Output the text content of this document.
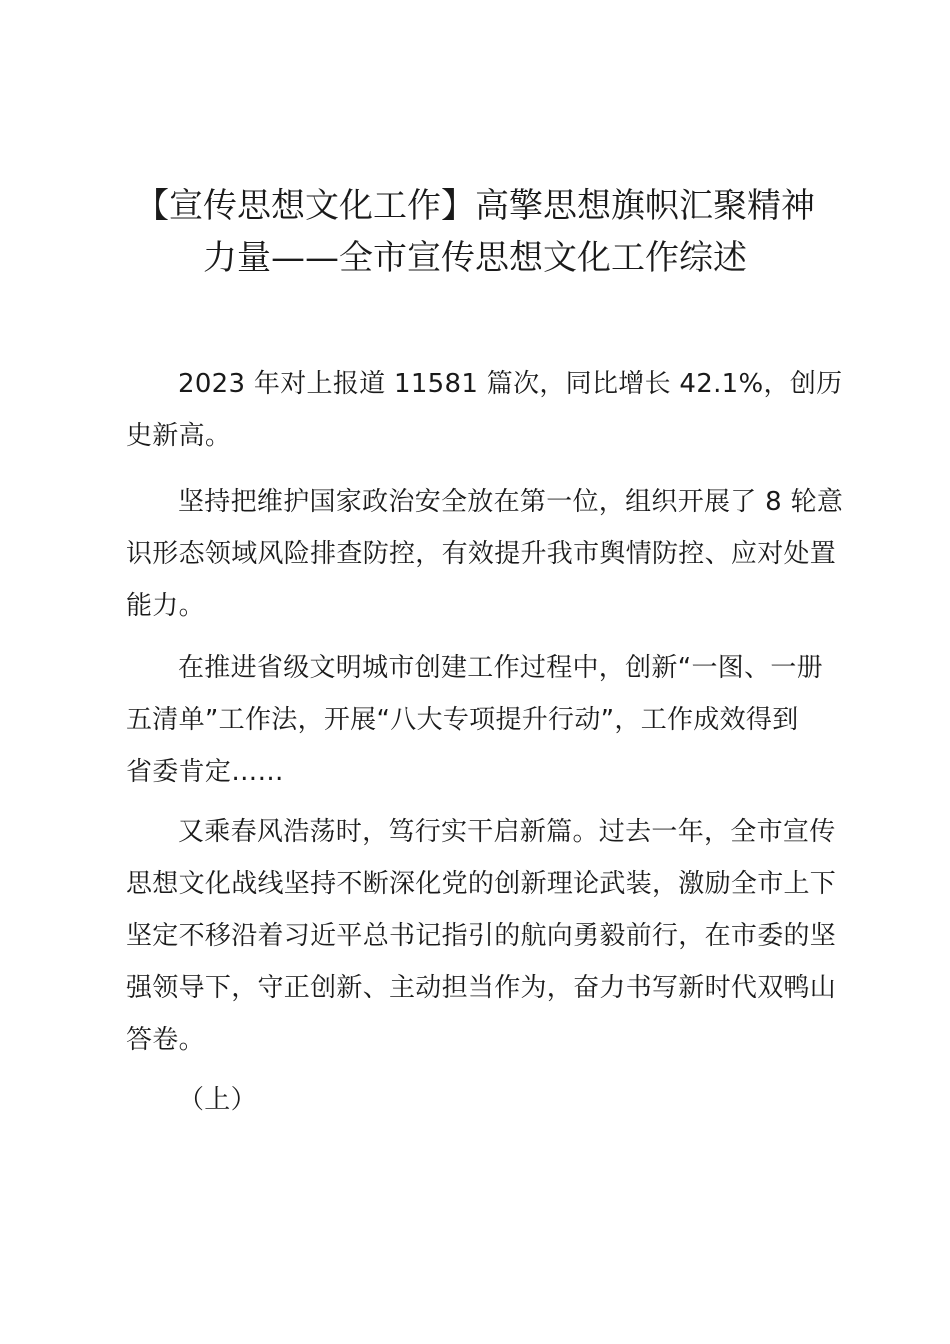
【宣传思想文化工作】高擎思想旗帜汇聚精神
力量——全市宣传思想文化工作综述

2023 年对上报道 11581 篇次，同比增长 42.1%，创历
史新高。

坚持把维护国家政治安全放在第一位，组织开展了 8 轮意
识形态领域风险排查防控，有效提升我市舆情防控、应对处置
能力。

在推进省级文明城市创建工作过程中，创新“一图、一册
五清单”工作法，开展“八大专项提升行动”，工作成效得到
省委肯定……

又乘春风浩荡时，笃行实干启新篇。过去一年，全市宣传
思想文化战线坚持不断深化党的创新理论武装，激励全市上下
坚定不移沿着习近平总书记指引的航向勇毅前行，在市委的坚
强领导下，守正创新、主动担当作为，奋力书写新时代双鸭山
答卷。

（上）
